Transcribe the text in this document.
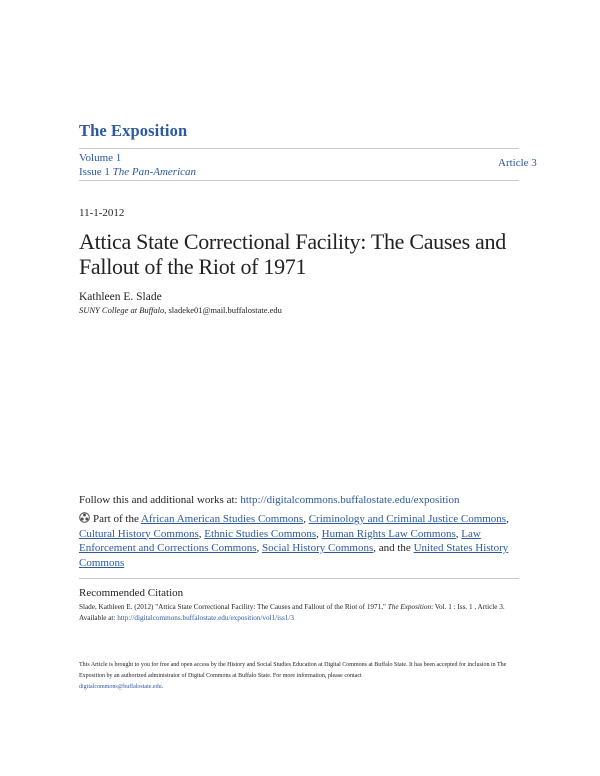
The Exposition
Volume 1
Issue 1 The Pan-American
Article 3
11-1-2012
Attica State Correctional Facility: The Causes and Fallout of the Riot of 1971
Kathleen E. Slade
SUNY College at Buffalo, sladeke01@mail.buffalostate.edu
Follow this and additional works at: http://digitalcommons.buffalostate.edu/exposition
Part of the African American Studies Commons, Criminology and Criminal Justice Commons, Cultural History Commons, Ethnic Studies Commons, Human Rights Law Commons, Law Enforcement and Corrections Commons, Social History Commons, and the United States History Commons
Recommended Citation
Slade, Kathleen E. (2012) "Attica State Correctional Facility: The Causes and Fallout of the Riot of 1971," The Exposition: Vol. 1 : Iss. 1 , Article 3.
Available at: http://digitalcommons.buffalostate.edu/exposition/vol1/iss1/3
This Article is brought to you for free and open access by the History and Social Studies Education at Digital Commons at Buffalo State. It has been accepted for inclusion in The Exposition by an authorized administrator of Digital Commons at Buffalo State. For more information, please contact
digitalcommons@buffalostate.edu.
